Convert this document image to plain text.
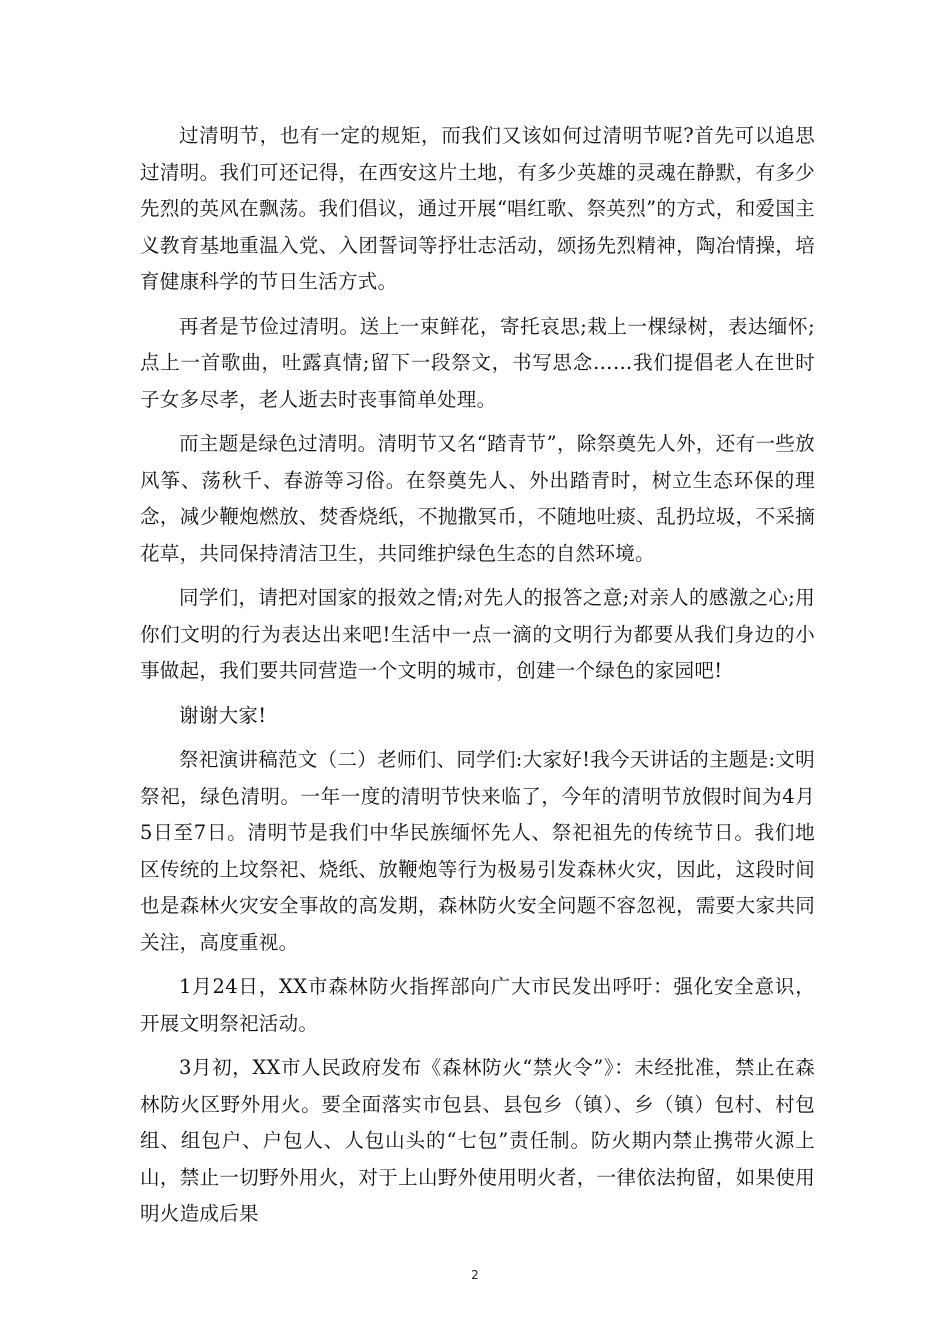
过清明节，也有一定的规矩，而我们又该如何过清明节呢?首先可以追思过清明。我们可还记得，在西安这片土地，有多少英雄的灵魂在静默，有多少先烈的英风在飘荡。我们倡议，通过开展“唱红歌、祭英烈”的方式，和爱国主义教育基地重温入党、入团誓词等抒壮志活动，颂扬先烈精神，陶冶情操，培育健康科学的节日生活方式。

再者是节俭过清明。送上一束鲜花，寄托哀思;栽上一棵绿树，表达缅怀;点上一首歌曲，吐露真情;留下一段祭文，书写思念……我们提倡老人在世时子女多尽孝，老人逝去时丧事简单处理。

而主题是绿色过清明。清明节又名“踏青节”，除祭奠先人外，还有一些放风筝、荡秋千、春游等习俗。在祭奠先人、外出踏青时，树立生态环保的理念，减少鞭炮燃放、焚香烧纸，不抛撒冥币，不随地吐痰、乱扔垃圾，不采摘花草，共同保持清洁卫生，共同维护绿色生态的自然环境。

同学们，请把对国家的报效之情;对先人的报答之意;对亲人的感激之心;用你们文明的行为表达出来吧!生活中一点一滴的文明行为都要从我们身边的小事做起，我们要共同营造一个文明的城市，创建一个绿色的家园吧!

谢谢大家!

祭祀演讲稿范文（二）老师们、同学们:大家好!我今天讲话的主题是:文明祭祀，绿色清明。一年一度的清明节快来临了，今年的清明节放假时间为4月5日至7日。清明节是我们中华民族缅怀先人、祭祀祖先的传统节日。我们地区传统的上坟祭祀、烧纸、放鞭炮等行为极易引发森林火灾，因此，这段时间也是森林火灾安全事故的高发期，森林防火安全问题不容忽视，需要大家共同关注，高度重视。

1月24日，XX市森林防火指挥部向广大市民发出呼吁：强化安全意识，开展文明祭祀活动。

3月初，XX市人民政府发布《森林防火“禁火令”》：未经批准，禁止在森林防火区野外用火。要全面落实市包县、县包乡（镇）、乡（镇）包村、村包组、组包户、户包人、人包山头的“七包”责任制。防火期内禁止携带火源上山，禁止一切野外用火，对于上山野外使用明火者，一律依法拘留，如果使用明火造成后果

2
